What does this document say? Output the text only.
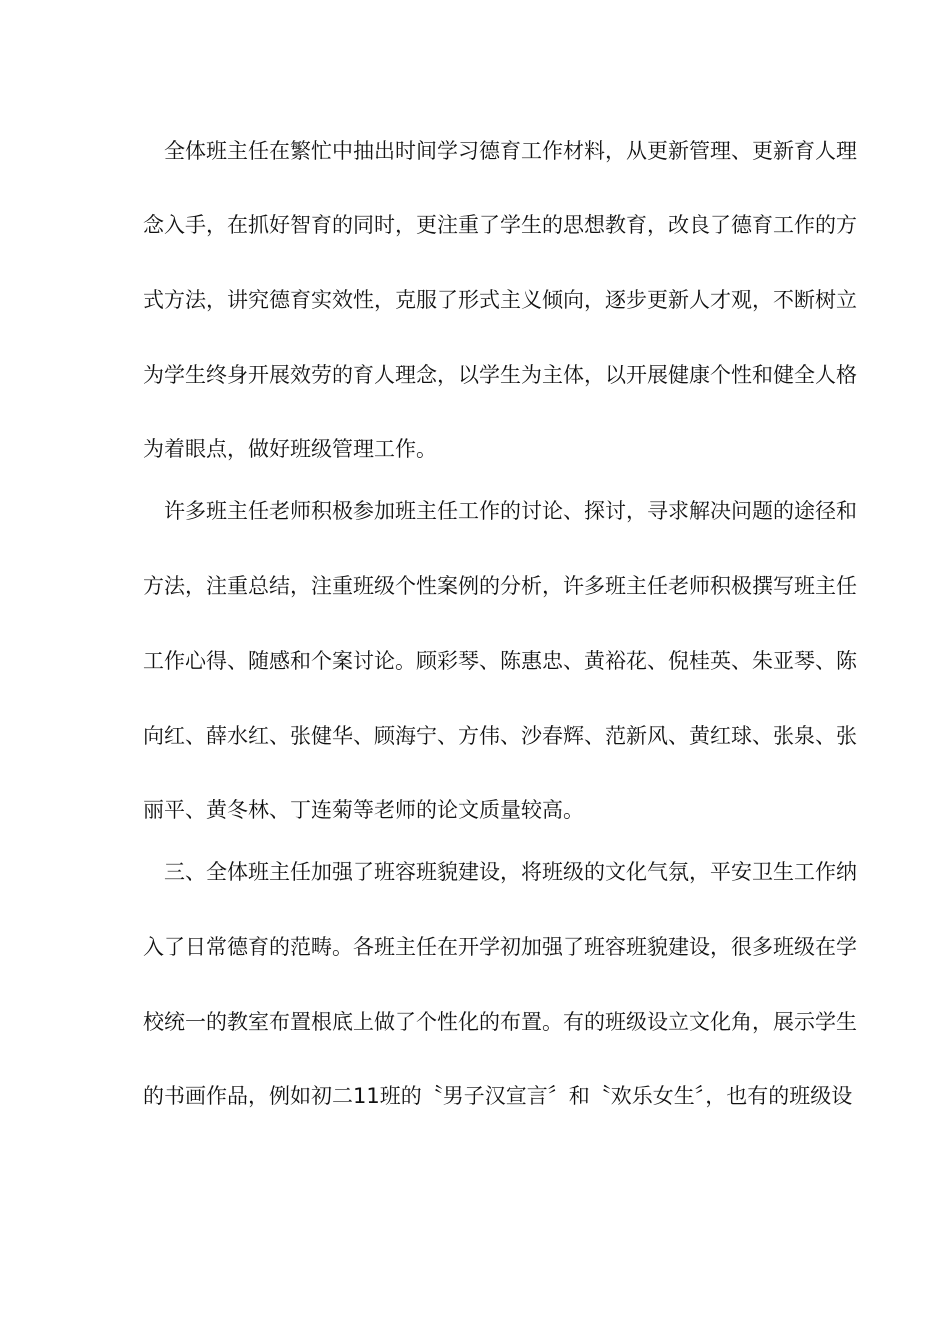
全体班主任在繁忙中抽出时间学习德育工作材料，从更新管理、更新育人理
念入手，在抓好智育的同时，更注重了学生的思想教育，改良了德育工作的方
式方法，讲究德育实效性，克服了形式主义倾向，逐步更新人才观，不断树立
为学生终身开展效劳的育人理念，以学生为主体，以开展健康个性和健全人格
为着眼点，做好班级管理工作。
许多班主任老师积极参加班主任工作的讨论、探讨，寻求解决问题的途径和
方法，注重总结，注重班级个性案例的分析，许多班主任老师积极撰写班主任
工作心得、随感和个案讨论。顾彩琴、陈惠忠、黄裕花、倪桂英、朱亚琴、陈
向红、薛水红、张健华、顾海宁、方伟、沙春辉、范新风、黄红球、张泉、张
丽平、黄冬林、丁连菊等老师的论文质量较高。
三、全体班主任加强了班容班貌建设，将班级的文化气氛，平安卫生工作纳
入了日常德育的范畴。各班主任在开学初加强了班容班貌建设，很多班级在学
校统一的教室布置根底上做了个性化的布置。有的班级设立文化角，展示学生
的书画作品，例如初二11班的〝男子汉宣言〞和〝欢乐女生〞，也有的班级设
